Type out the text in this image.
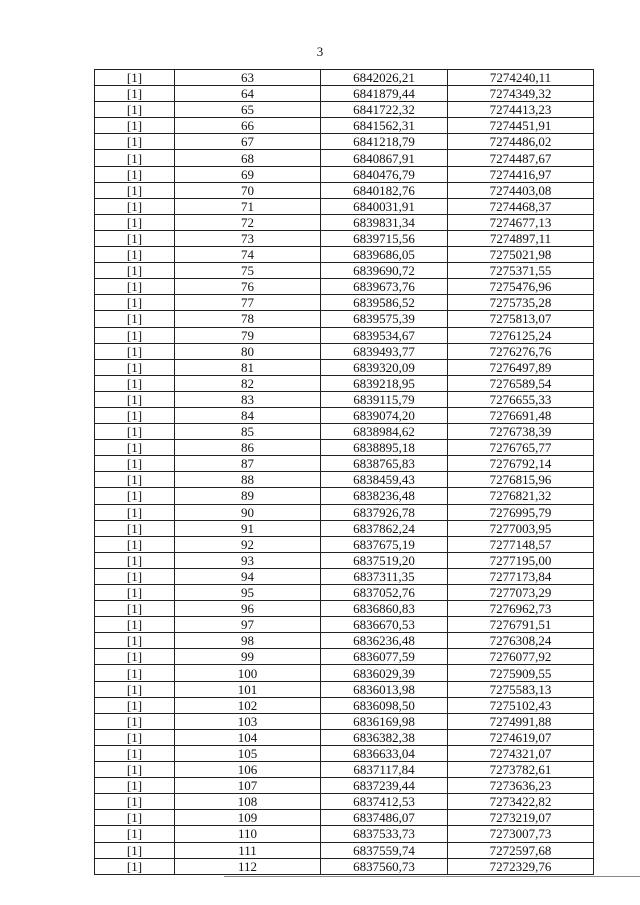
3
[1]	63	6842026,21	7274240,11
[1]	64	6841879,44	7274349,32
[1]	65	6841722,32	7274413,23
[1]	66	6841562,31	7274451,91
[1]	67	6841218,79	7274486,02
[1]	68	6840867,91	7274487,67
[1]	69	6840476,79	7274416,97
[1]	70	6840182,76	7274403,08
[1]	71	6840031,91	7274468,37
[1]	72	6839831,34	7274677,13
[1]	73	6839715,56	7274897,11
[1]	74	6839686,05	7275021,98
[1]	75	6839690,72	7275371,55
[1]	76	6839673,76	7275476,96
[1]	77	6839586,52	7275735,28
[1]	78	6839575,39	7275813,07
[1]	79	6839534,67	7276125,24
[1]	80	6839493,77	7276276,76
[1]	81	6839320,09	7276497,89
[1]	82	6839218,95	7276589,54
[1]	83	6839115,79	7276655,33
[1]	84	6839074,20	7276691,48
[1]	85	6838984,62	7276738,39
[1]	86	6838895,18	7276765,77
[1]	87	6838765,83	7276792,14
[1]	88	6838459,43	7276815,96
[1]	89	6838236,48	7276821,32
[1]	90	6837926,78	7276995,79
[1]	91	6837862,24	7277003,95
[1]	92	6837675,19	7277148,57
[1]	93	6837519,20	7277195,00
[1]	94	6837311,35	7277173,84
[1]	95	6837052,76	7277073,29
[1]	96	6836860,83	7276962,73
[1]	97	6836670,53	7276791,51
[1]	98	6836236,48	7276308,24
[1]	99	6836077,59	7276077,92
[1]	100	6836029,39	7275909,55
[1]	101	6836013,98	7275583,13
[1]	102	6836098,50	7275102,43
[1]	103	6836169,98	7274991,88
[1]	104	6836382,38	7274619,07
[1]	105	6836633,04	7274321,07
[1]	106	6837117,84	7273782,61
[1]	107	6837239,44	7273636,23
[1]	108	6837412,53	7273422,82
[1]	109	6837486,07	7273219,07
[1]	110	6837533,73	7273007,73
[1]	111	6837559,74	7272597,68
[1]	112	6837560,73	7272329,76
